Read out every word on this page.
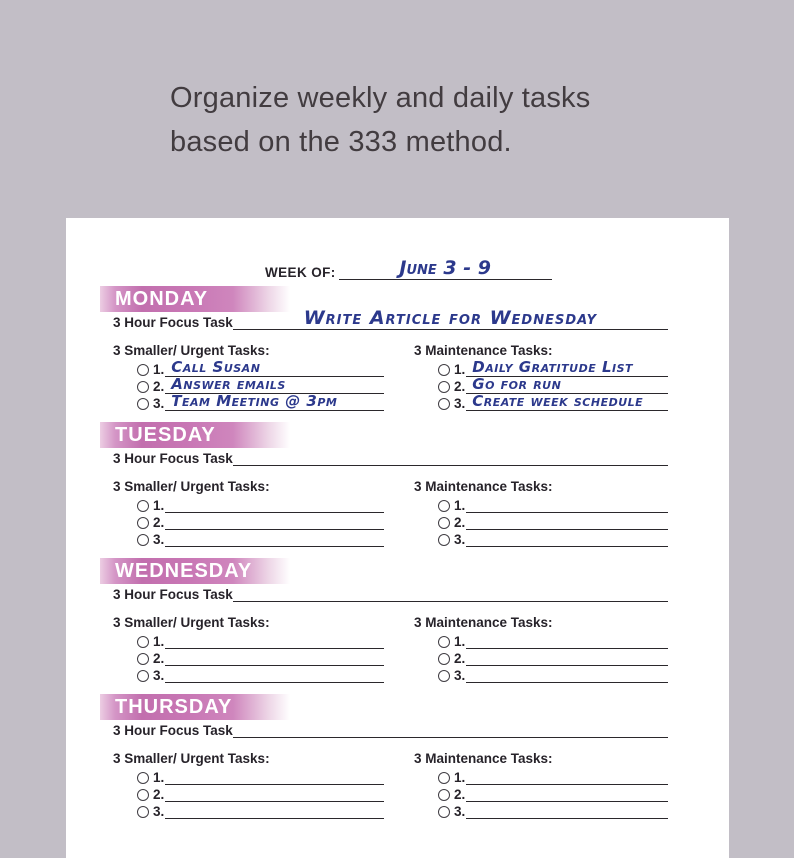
Organize weekly and daily tasks
based on the 333 method.
WEEK OF:	June 3 - 9
MONDAY
3 Hour Focus Task	Write Article for Wednesday
3 Smaller/ Urgent Tasks:
1. Call Susan
2. Answer emails
3. Team Meeting @ 3pm
3 Maintenance Tasks:
1. Daily Gratitude List
2. Go for run
3. Create week schedule
TUESDAY
3 Hour Focus Task
3 Smaller/ Urgent Tasks:
1.
2.
3.
3 Maintenance Tasks:
1.
2.
3.
WEDNESDAY
3 Hour Focus Task
3 Smaller/ Urgent Tasks:
1.
2.
3.
3 Maintenance Tasks:
1.
2.
3.
THURSDAY
3 Hour Focus Task
3 Smaller/ Urgent Tasks:
1.
2.
3.
3 Maintenance Tasks:
1.
2.
3.
